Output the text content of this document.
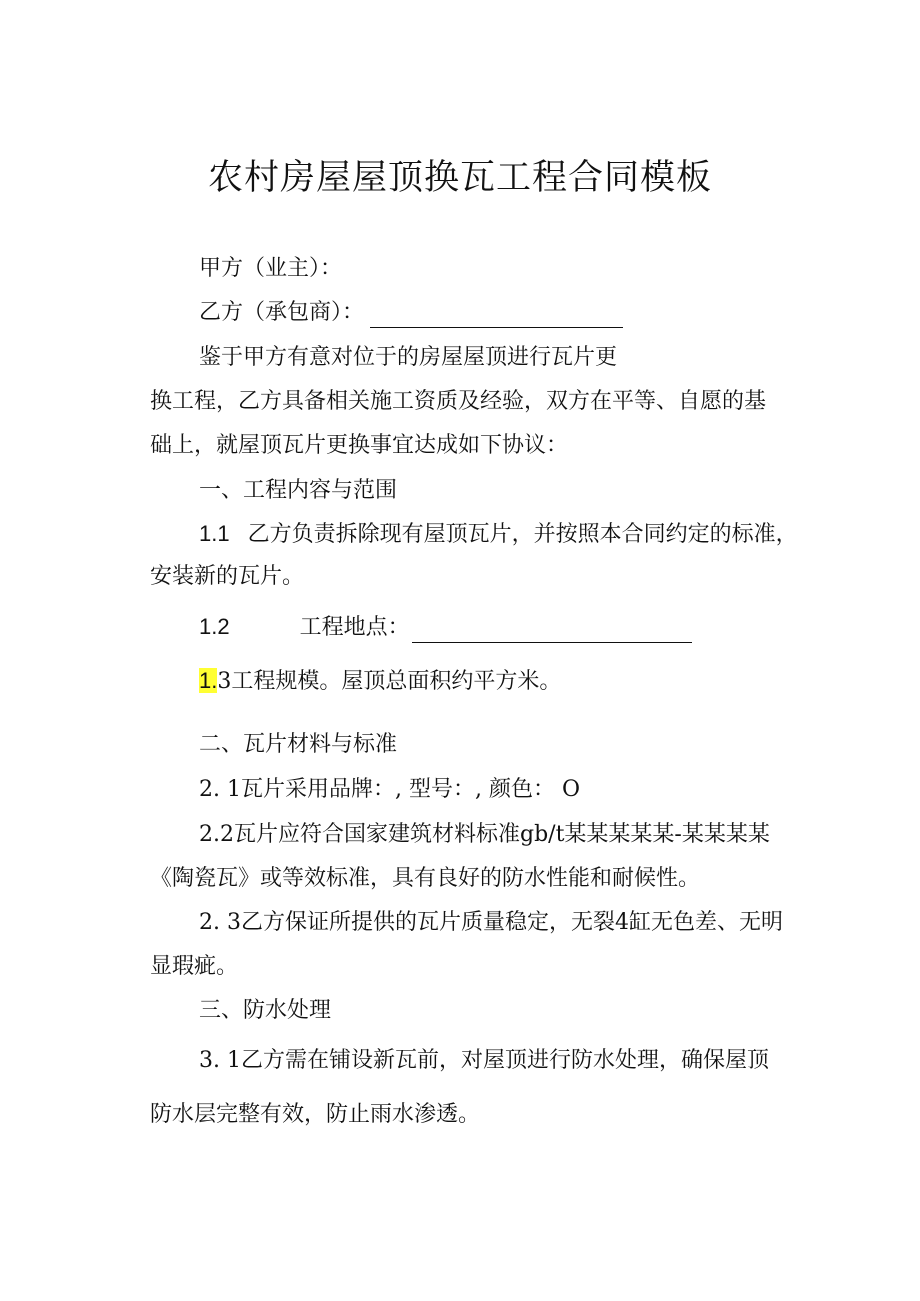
农村房屋屋顶换瓦工程合同模板
甲方（业主）：
乙方（承包商）：
鉴于甲方有意对位于的房屋屋顶进行瓦片更
换工程，乙方具备相关施工资质及经验，双方在平等、自愿的基
础上，就屋顶瓦片更换事宜达成如下协议：
一、工程内容与范围
1.1 乙方负责拆除现有屋顶瓦片，并按照本合同约定的标准，
安装新的瓦片。
1.2	工程地点：
1.3工程规模。屋顶总面积约平方米。
二、瓦片材料与标准
2. 1瓦片采用品牌：, 型号：, 颜色： O
2.2瓦片应符合国家建筑材料标准gb/t某某某某某-某某某某
《陶瓷瓦》或等效标准，具有良好的防水性能和耐候性。
2. 3乙方保证所提供的瓦片质量稳定，无裂4缸无色差、无明
显瑕疵。
三、防水处理
3. 1乙方需在铺设新瓦前，对屋顶进行防水处理，确保屋顶
防水层完整有效，防止雨水渗透。
